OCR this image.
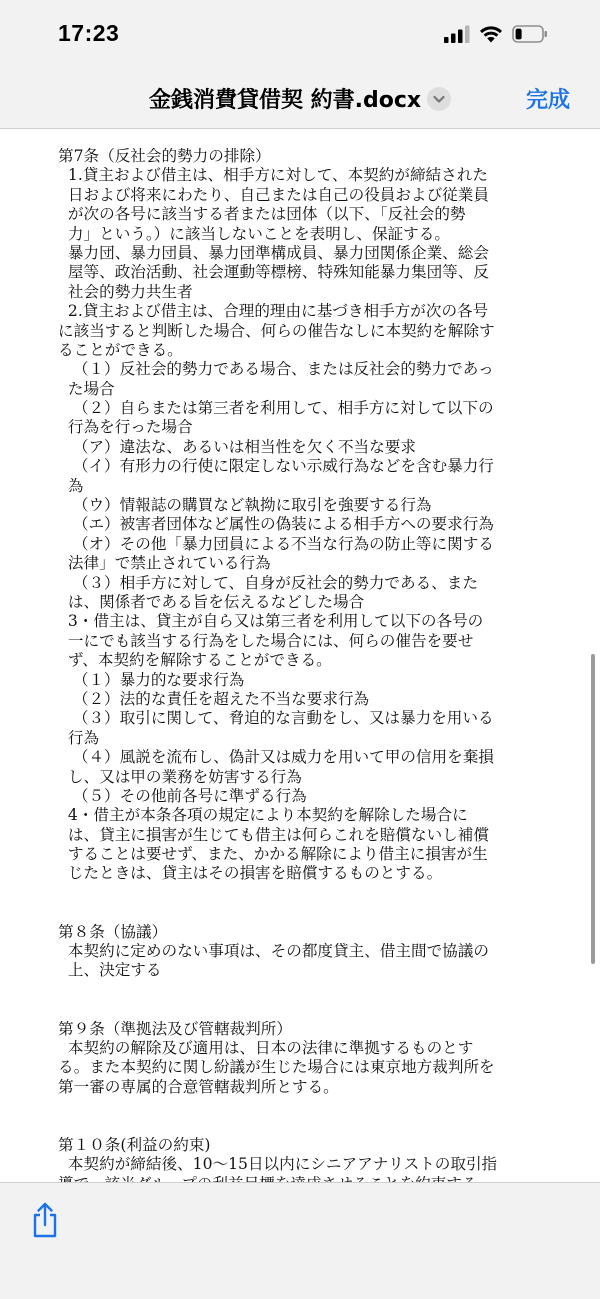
17:23
金銭消費貸借契 約書.docx	完成
第7条（反社会的勢力の排除）
1.貸主および借主は、相手方に対して、本契約が締結された
日および将来にわたり、自己または自己の役員および従業員
が次の各号に該当する者または団体（以下、「反社会的勢
力」という。）に該当しないことを表明し、保証する。
暴力団、暴力団員、暴力団準構成員、暴力団関係企業、総会
屋等、政治活動、社会運動等標榜、特殊知能暴力集団等、反
社会的勢力共生者
2.貸主および借主は、合理的理由に基づき相手方が次の各号
に該当すると判断した場合、何らの催告なしに本契約を解除す
ることができる。
（１）反社会的勢力である場合、または反社会的勢力であっ
た場合
（２）自らまたは第三者を利用して、相手方に対して以下の
行為を行った場合
（ア）違法な、あるいは相当性を欠く不当な要求
（イ）有形力の行使に限定しない示威行為などを含む暴力行
為
（ウ）情報誌の購買など執拗に取引を強要する行為
（エ）被害者団体など属性の偽装による相手方への要求行為
（オ）その他「暴力団員による不当な行為の防止等に関する
法律」で禁止されている行為
（３）相手方に対して、自身が反社会的勢力である、また
は、関係者である旨を伝えるなどした場合
3・借主は、貸主が自ら又は第三者を利用して以下の各号の
一にでも該当する行為をした場合には、何らの催告を要せ
ず、本契約を解除することができる。
（１）暴力的な要求行為
（２）法的な責任を超えた不当な要求行為
（３）取引に関して、脅迫的な言動をし、又は暴力を用いる
行為
（４）風説を流布し、偽計又は威力を用いて甲の信用を棄損
し、又は甲の業務を妨害する行為
（５）その他前各号に準ずる行為
4・借主が本条各項の規定により本契約を解除した場合に
は、貸主に損害が生じても借主は何らこれを賠償ないし補償
することは要せず、また、かかる解除により借主に損害が生
じたときは、貸主はその損害を賠償するものとする。
第８条（協議）
本契約に定めのない事項は、その都度貸主、借主間で協議の
上、決定する
第９条（準拠法及び管轄裁判所）
本契約の解除及び適用は、日本の法律に準拠するものとす
る。また本契約に関し紛議が生じた場合には東京地方裁判所を
第一審の専属的合意管轄裁判所とする。
第１０条(利益の約束)
本契約が締結後、10～15日以内にシニアアナリストの取引指
